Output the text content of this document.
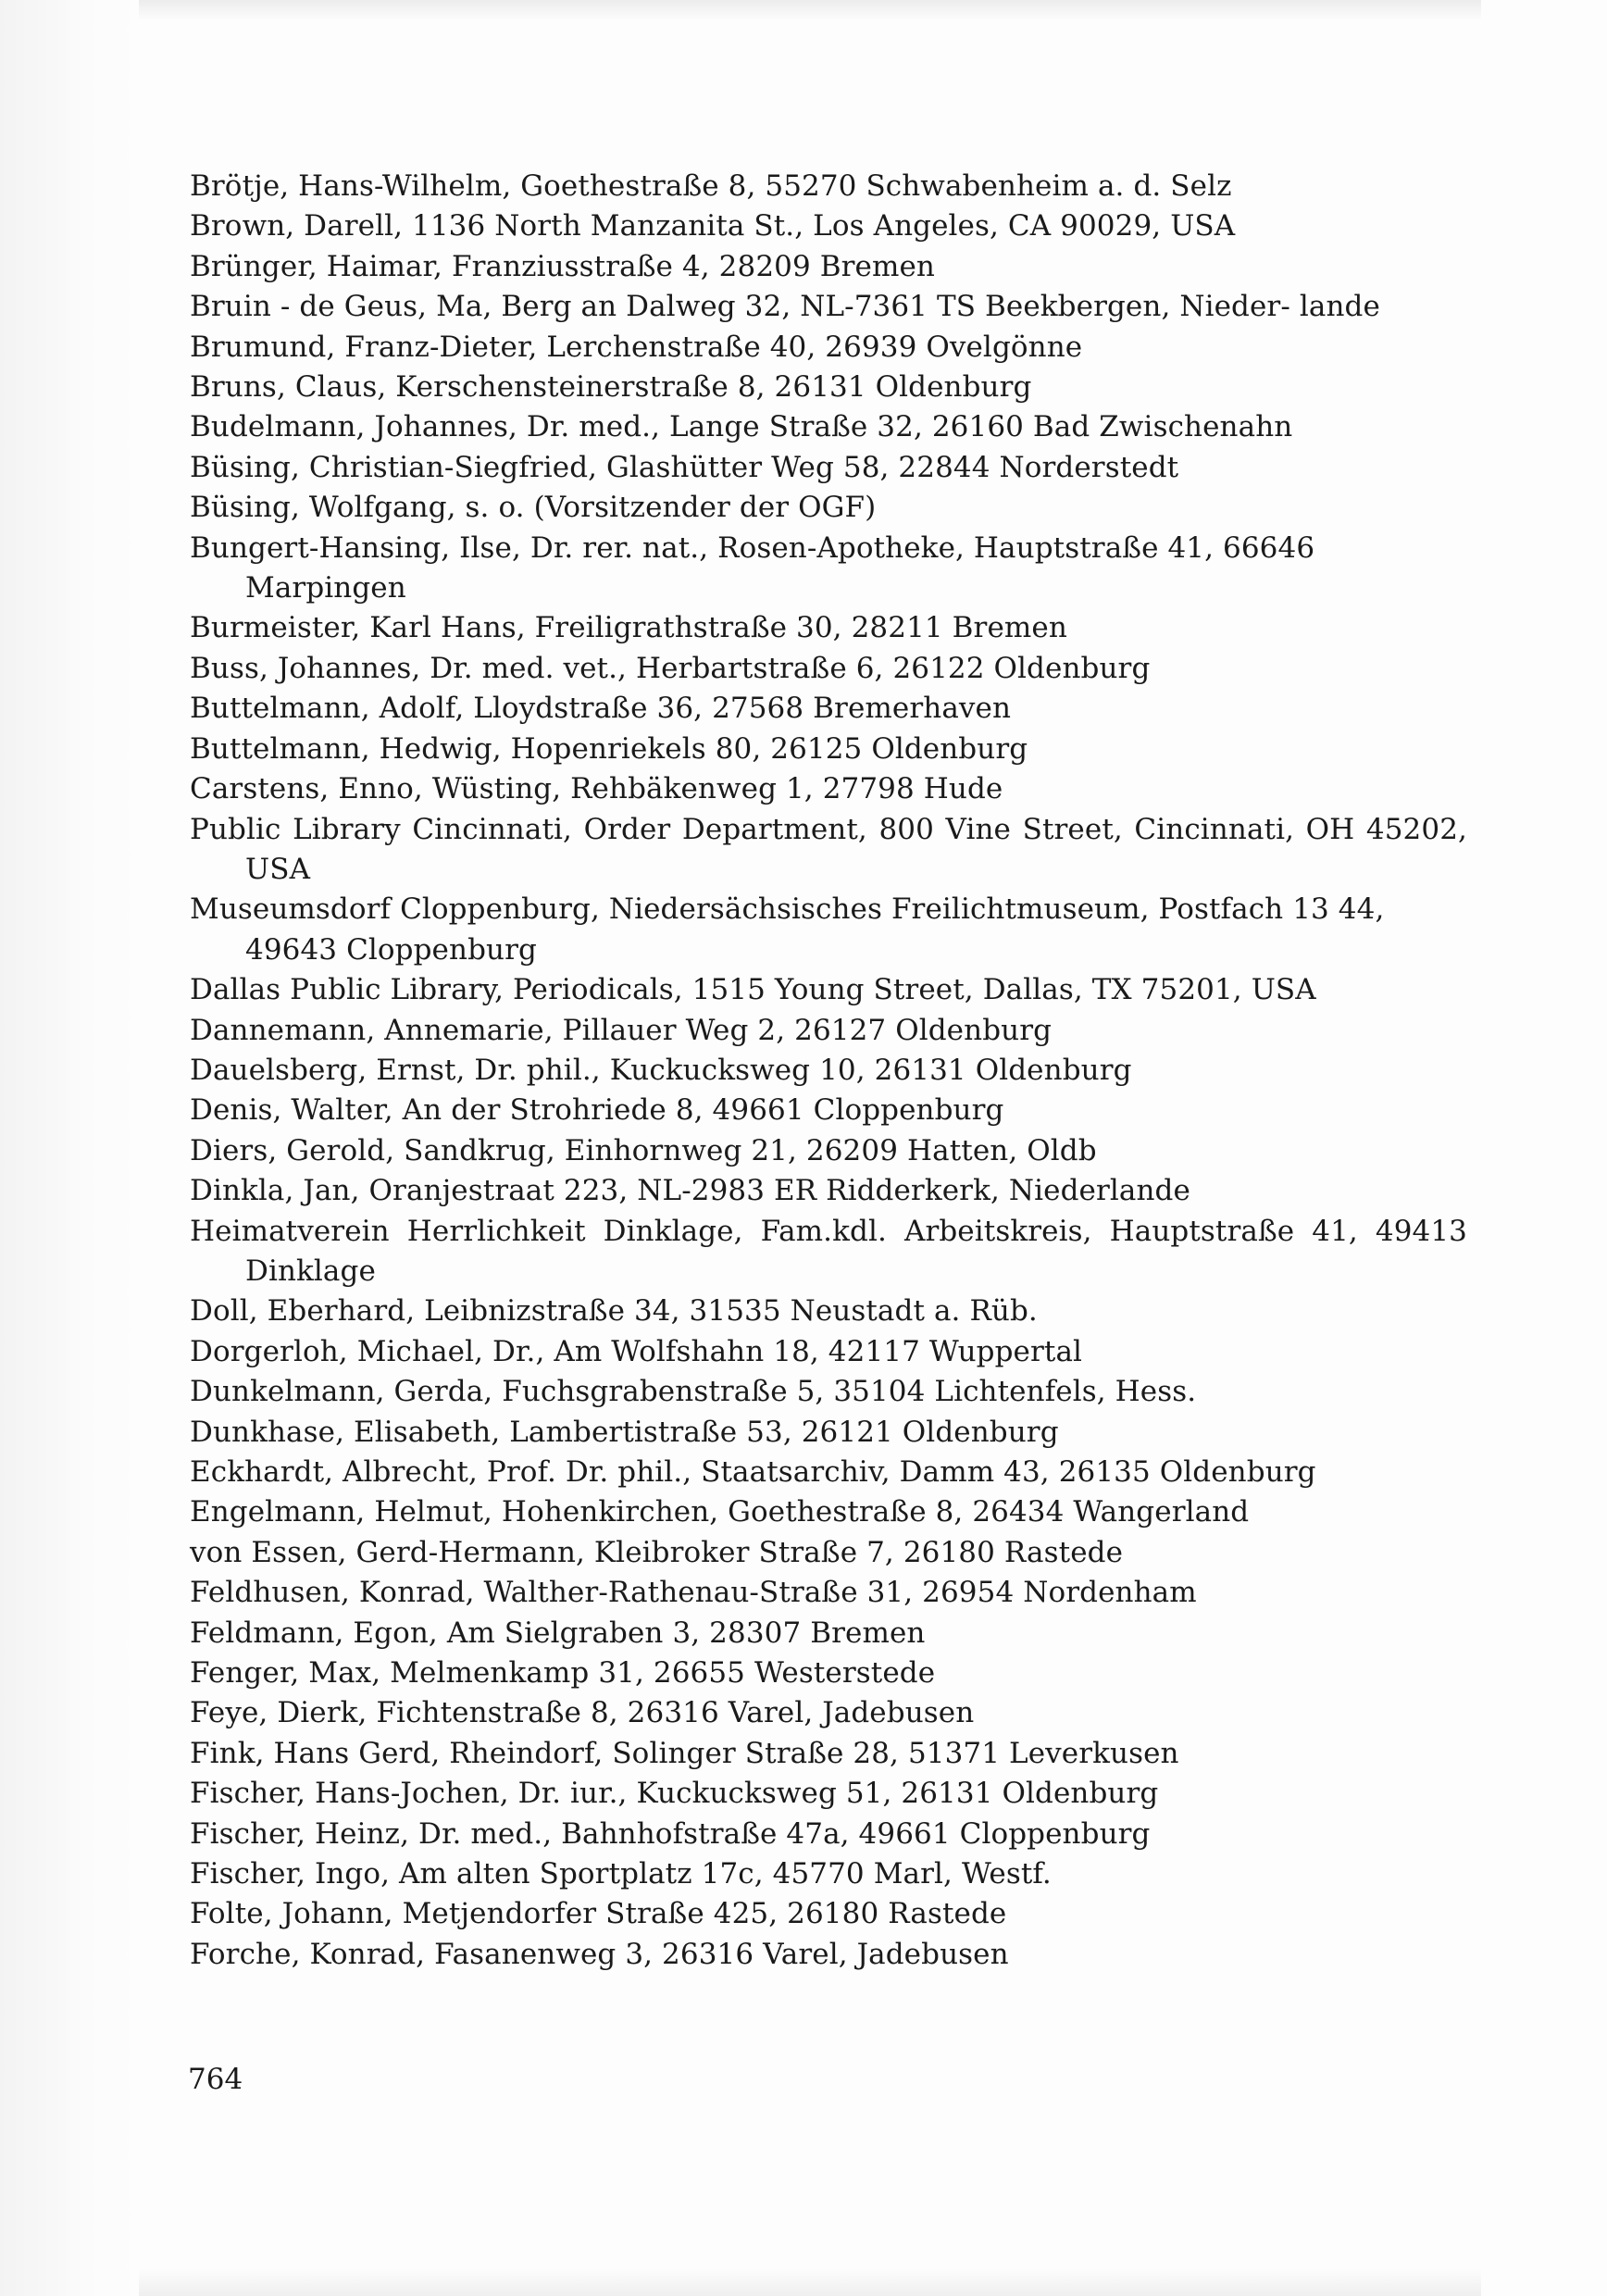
Brötje, Hans-Wilhelm, Goethestraße 8, 55270 Schwabenheim a. d. Selz
Brown, Darell, 1136 North Manzanita St., Los Angeles, CA 90029, USA
Brünger, Haimar, Franziusstraße 4, 28209 Bremen
Bruin - de Geus, Ma, Berg an Dalweg 32, NL-7361 TS Beekbergen, Nieder- lande
Brumund, Franz-Dieter, Lerchenstraße 40, 26939 Ovelgönne
Bruns, Claus, Kerschensteinerstraße 8, 26131 Oldenburg
Budelmann, Johannes, Dr. med., Lange Straße 32, 26160 Bad Zwischenahn
Büsing, Christian-Siegfried, Glashütter Weg 58, 22844 Norderstedt
Büsing, Wolfgang, s. o. (Vorsitzender der OGF)
Bungert-Hansing, Ilse, Dr. rer. nat., Rosen-Apotheke, Hauptstraße 41, 66646 Marpingen
Burmeister, Karl Hans, Freiligrathstraße 30, 28211 Bremen
Buss, Johannes, Dr. med. vet., Herbartstraße 6, 26122 Oldenburg
Buttelmann, Adolf, Lloydstraße 36, 27568 Bremerhaven
Buttelmann, Hedwig, Hopenriekels 80, 26125 Oldenburg
Carstens, Enno, Wüsting, Rehbäkenweg 1, 27798 Hude
Public Library Cincinnati, Order Department, 800 Vine Street, Cincinnati, OH 45202, USA
Museumsdorf Cloppenburg, Niedersächsisches Freilichtmuseum, Postfach 13 44, 49643 Cloppenburg
Dallas Public Library, Periodicals, 1515 Young Street, Dallas, TX 75201, USA
Dannemann, Annemarie, Pillauer Weg 2, 26127 Oldenburg
Dauelsberg, Ernst, Dr. phil., Kuckucksweg 10, 26131 Oldenburg
Denis, Walter, An der Strohriede 8, 49661 Cloppenburg
Diers, Gerold, Sandkrug, Einhornweg 21, 26209 Hatten, Oldb
Dinkla, Jan, Oranjestraat 223, NL-2983 ER Ridderkerk, Niederlande
Heimatverein Herrlichkeit Dinklage, Fam.kdl. Arbeitskreis, Hauptstraße 41, 49413 Dinklage
Doll, Eberhard, Leibnizstraße 34, 31535 Neustadt a. Rüb.
Dorgerloh, Michael, Dr., Am Wolfshahn 18, 42117 Wuppertal
Dunkelmann, Gerda, Fuchsgrabenstraße 5, 35104 Lichtenfels, Hess.
Dunkhase, Elisabeth, Lambertistraße 53, 26121 Oldenburg
Eckhardt, Albrecht, Prof. Dr. phil., Staatsarchiv, Damm 43, 26135 Oldenburg
Engelmann, Helmut, Hohenkirchen, Goethestraße 8, 26434 Wangerland
von Essen, Gerd-Hermann, Kleibroker Straße 7, 26180 Rastede
Feldhusen, Konrad, Walther-Rathenau-Straße 31, 26954 Nordenham
Feldmann, Egon, Am Sielgraben 3, 28307 Bremen
Fenger, Max, Melmenkamp 31, 26655 Westerstede
Feye, Dierk, Fichtenstraße 8, 26316 Varel, Jadebusen
Fink, Hans Gerd, Rheindorf, Solinger Straße 28, 51371 Leverkusen
Fischer, Hans-Jochen, Dr. iur., Kuckucksweg 51, 26131 Oldenburg
Fischer, Heinz, Dr. med., Bahnhofstraße 47a, 49661 Cloppenburg
Fischer, Ingo, Am alten Sportplatz 17c, 45770 Marl, Westf.
Folte, Johann, Metjendorfer Straße 425, 26180 Rastede
Forche, Konrad, Fasanenweg 3, 26316 Varel, Jadebusen
764
